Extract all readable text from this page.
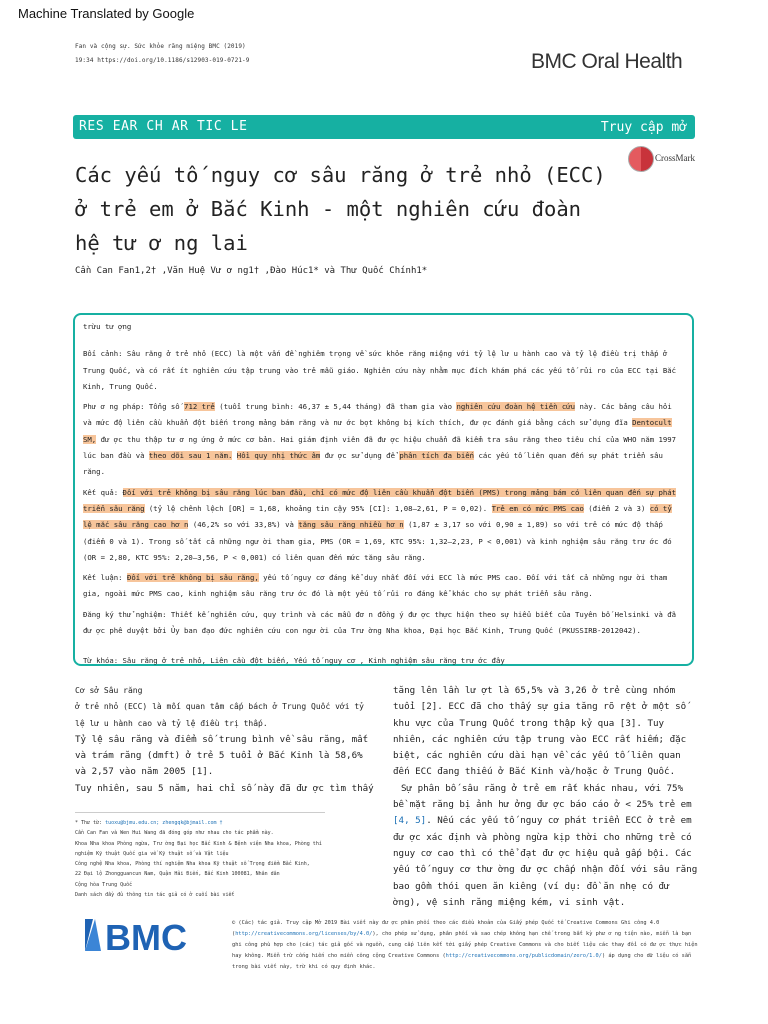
Machine Translated by Google
Fan và cộng sự. Sức khỏe răng miệng BMC (2019)
19:34 https://doi.org/10.1186/s12903-019-0721-9	BMC Oral Health
RES EAR CH AR TIC LE	Truy cập mở
CrossMark
Các yếu tố nguy cơ sâu răng ở trẻ nhỏ (ECC) ở trẻ em ở Bắc Kinh - một nghiên cứu đoàn hệ tư ơ ng lai
Cần Can Fan1,2† ,Văn Huệ Vư ơ ng1† ,Đào Húc1* và Thư Quốc Chính1*

trừu tư ợng

Bối cảnh: Sâu răng ở trẻ nhỏ (ECC) là một vấn đề nghiêm trọng về sức khỏe răng miệng với tỷ lệ lư u hành cao và tỷ lệ điều trị thấp ở Trung Quốc, và có rất ít nghiên cứu tập trung vào trẻ mẫu giáo. Nghiên cứu này nhằm mục đích khám phá các yếu tố rủi ro của ECC tại Bắc Kinh, Trung Quốc.

Phư ơ ng pháp: Tổng số 712 trẻ (tuổi trung bình: 46,37 ± 5,44 tháng) đã tham gia vào nghiên cứu đoàn hệ tiền cứu này. Các bảng câu hỏi và mức độ liên cầu khuẩn đột biến trong mảng bám răng và nư ớc bọt không bị kích thích, đư ợc đánh giá bằng cách sử dụng đĩa Dentocult SM, đư ợc thu thập tư ơ ng ứng ở mức cơ bản. Hai giám định viên đã đư ợc hiệu chuẩn đã kiểm tra sâu răng theo tiêu chí của WHO năm 1997 lúc ban đầu và theo dõi sau 1 năm. Hồi quy nhị thức âm đư ợc sử dụng để phân tích đa biến các yếu tố liên quan đến sự phát triển sâu răng.

Kết quả: Đối với trẻ không bị sâu răng lúc ban đầu, chỉ có mức độ liên cầu khuẩn đột biến (PMS) trong mảng bám có liên quan đến sự phát triển sâu răng (tỷ lệ chênh lệch [OR] = 1,68, khoảng tin cậy 95% [CI]: 1,08–2,61, P = 0,02). Trẻ em có mức PMS cao (điểm 2 và 3) có tỷ lệ mắc sâu răng cao hơ n (46,2% so với 33,8%) và tăng sâu răng nhiều hơ n (1,87 ± 3,17 so với 0,90 ± 1,89) so với trẻ có mức độ thấp (điểm 0 và 1). Trong số tất cả những ngư ời tham gia, PMS (OR = 1,69, KTC 95%: 1,32–2,23, P < 0,001) và kinh nghiệm sâu răng trư ớc đó (OR = 2,80, KTC 95%: 2,20–3,56, P < 0,001) có liên quan đến mức tăng sâu răng.

Kết luận: Đối với trẻ không bị sâu răng, yếu tố nguy cơ đáng kể duy nhất đối với ECC là mức PMS cao. Đối với tất cả những ngư ời tham gia, ngoài mức PMS cao, kinh nghiệm sâu răng trư ớc đó là một yếu tố rủi ro đáng kể khác cho sự phát triển sâu răng.

Đăng ký thử nghiệm: Thiết kế nghiên cứu, quy trình và các mẫu đơ n đồng ý đư ợc thực hiện theo sự hiểu biết của Tuyên bố Helsinki và đã đư ợc phê duyệt bởi Ủy ban đạo đức nghiên cứu con ngư ời của Trư ờng Nha khoa, Đại học Bắc Kinh, Trung Quốc (PKUSSIRB-2012042).

Từ khóa: Sâu răng ở trẻ nhỏ, Liên cầu đột biến, Yếu tố nguy cơ , Kinh nghiệm sâu răng trư ớc đây

Cơ sở Sâu răng

ở trẻ nhỏ (ECC) là mối quan tâm cấp bách ở Trung Quốc với tỷ lệ lư u hành cao và tỷ lệ điều trị thấp.

Tỷ lệ sâu răng và điểm số trung bình về sâu răng, mất và trám răng (dmft) ở trẻ 5 tuổi ở Bắc Kinh là 58,6% và 2,57 vào năm 2005 [1].

Tuy nhiên, sau 5 năm, hai chỉ số này đã đư ợc tìm thấy

tăng lên lần lư ợt là 65,5% và 3,26 ở trẻ cùng nhóm tuổi [2]. ECC đã cho thấy sự gia tăng rõ rệt ở một số khu vực của Trung Quốc trong thập kỷ qua [3]. Tuy nhiên, các nghiên cứu tập trung vào ECC rất hiếm; đặc biệt, các nghiên cứu dài hạn về các yếu tố liên quan đến ECC đang thiếu ở Bắc Kinh và/hoặc ở Trung Quốc.

Sự phân bố sâu răng ở trẻ em rất khác nhau, với 75% bề mặt răng bị ảnh hư ởng đư ợc báo cáo ở < 25% trẻ em [4, 5]. Nếu các yếu tố nguy cơ phát triển ECC ở trẻ em đư ợc xác định và phòng ngừa kịp thời cho những trẻ có nguy cơ cao thì có thể đạt đư ợc hiệu quả gấp bội. Các yếu tố nguy cơ thư ờng đư ợc chấp nhận đối với sâu răng bao gồm thói quen ăn kiêng (ví dụ: đồ ăn nhẹ có đư ờng), vệ sinh răng miệng kém, vi sinh vật.

* Thư từ: tuoxu@bjmu.edu.cn; zhengqk@bjmail.com †
Cần Can Fan và Wen Hui Wang đã đóng góp như nhau cho tác phẩm này.
Khoa Nha khoa Phòng ngừa, Trư ờng Đại học Bắc Kinh & Bệnh viện Nha khoa, Phòng thí
nghiệm Kỹ thuật Quốc gia về Kỹ thuật số và Vật liệu
Công nghệ Nha khoa, Phòng thí nghiệm Nha khoa Kỹ thuật số Trọng điểm Bắc Kinh,
22 Đại lộ Zhongguancun Nam, Quận Hải Điến, Bắc Kinh 100081, Nhân dân
Cộng hòa Trung Quốc
Danh sách đầy đủ thông tin tác giả có ở cuối bài viết
BMC	© (Các) tác giả. Truy cập Mở 2019 Bài viết này đư ợc phân phối theo các điều khoản của Giấy phép Quốc tế Creative Commons Ghi công 4.0 (http://creativecommons.org/licenses/by/4.0/), cho phép sử dụng, phân phối và sao chép không hạn chế trong bất kỳ phư ơ ng tiện nào, miễn là bạn ghi công phù hợp cho (các) tác giả gốc và nguồn, cung cấp liên kết tới giấy phép Creative Commons và cho biết liệu các thay đổi có đư ợc thực hiện hay không. Miễn trừ cống hiến cho miền công cộng Creative Commons (http://creativecommons.org/publicdomain/zero/1.0/) áp dụng cho dữ liệu có sẵn trong bài viết này, trừ khi có quy định khác.
